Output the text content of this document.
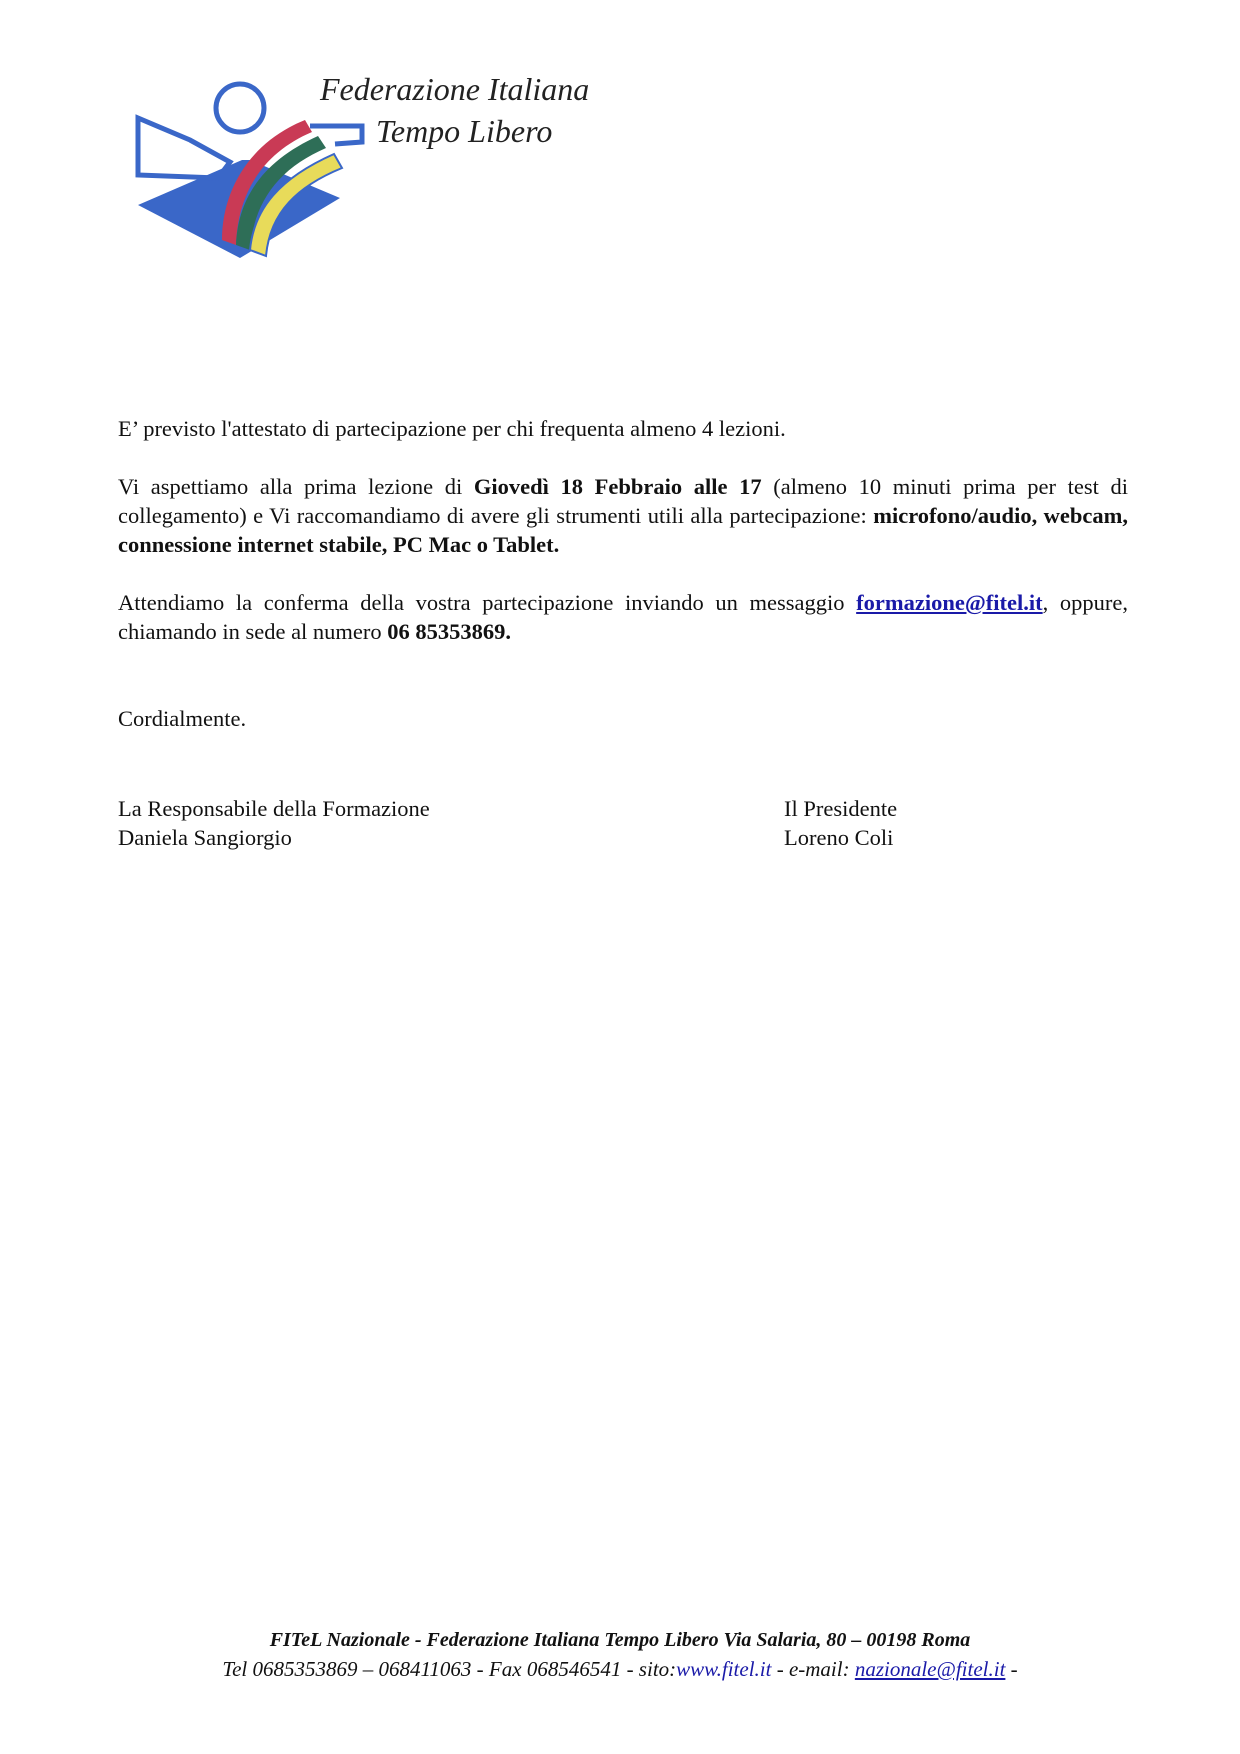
Federazione Italiana
Tempo Libero

E’ previsto l'attestato di partecipazione per chi frequenta almeno 4 lezioni.

Vi aspettiamo alla prima lezione di Giovedì 18 Febbraio alle 17 (almeno 10 minuti prima per test di collegamento) e Vi raccomandiamo di avere gli strumenti utili alla partecipazione: microfono/audio, webcam, connessione internet stabile, PC Mac o Tablet.

Attendiamo la conferma della vostra partecipazione inviando un messaggio formazione@fitel.it, oppure, chiamando in sede al numero 06 85353869.

Cordialmente.

La Responsabile della Formazione
Daniela Sangiorgio
Il Presidente
Loreno Coli
FITeL Nazionale - Federazione Italiana Tempo Libero Via Salaria, 80 – 00198 Roma
Tel 0685353869 – 068411063 - Fax 068546541 - sito:www.fitel.it - e-mail: nazionale@fitel.it -
